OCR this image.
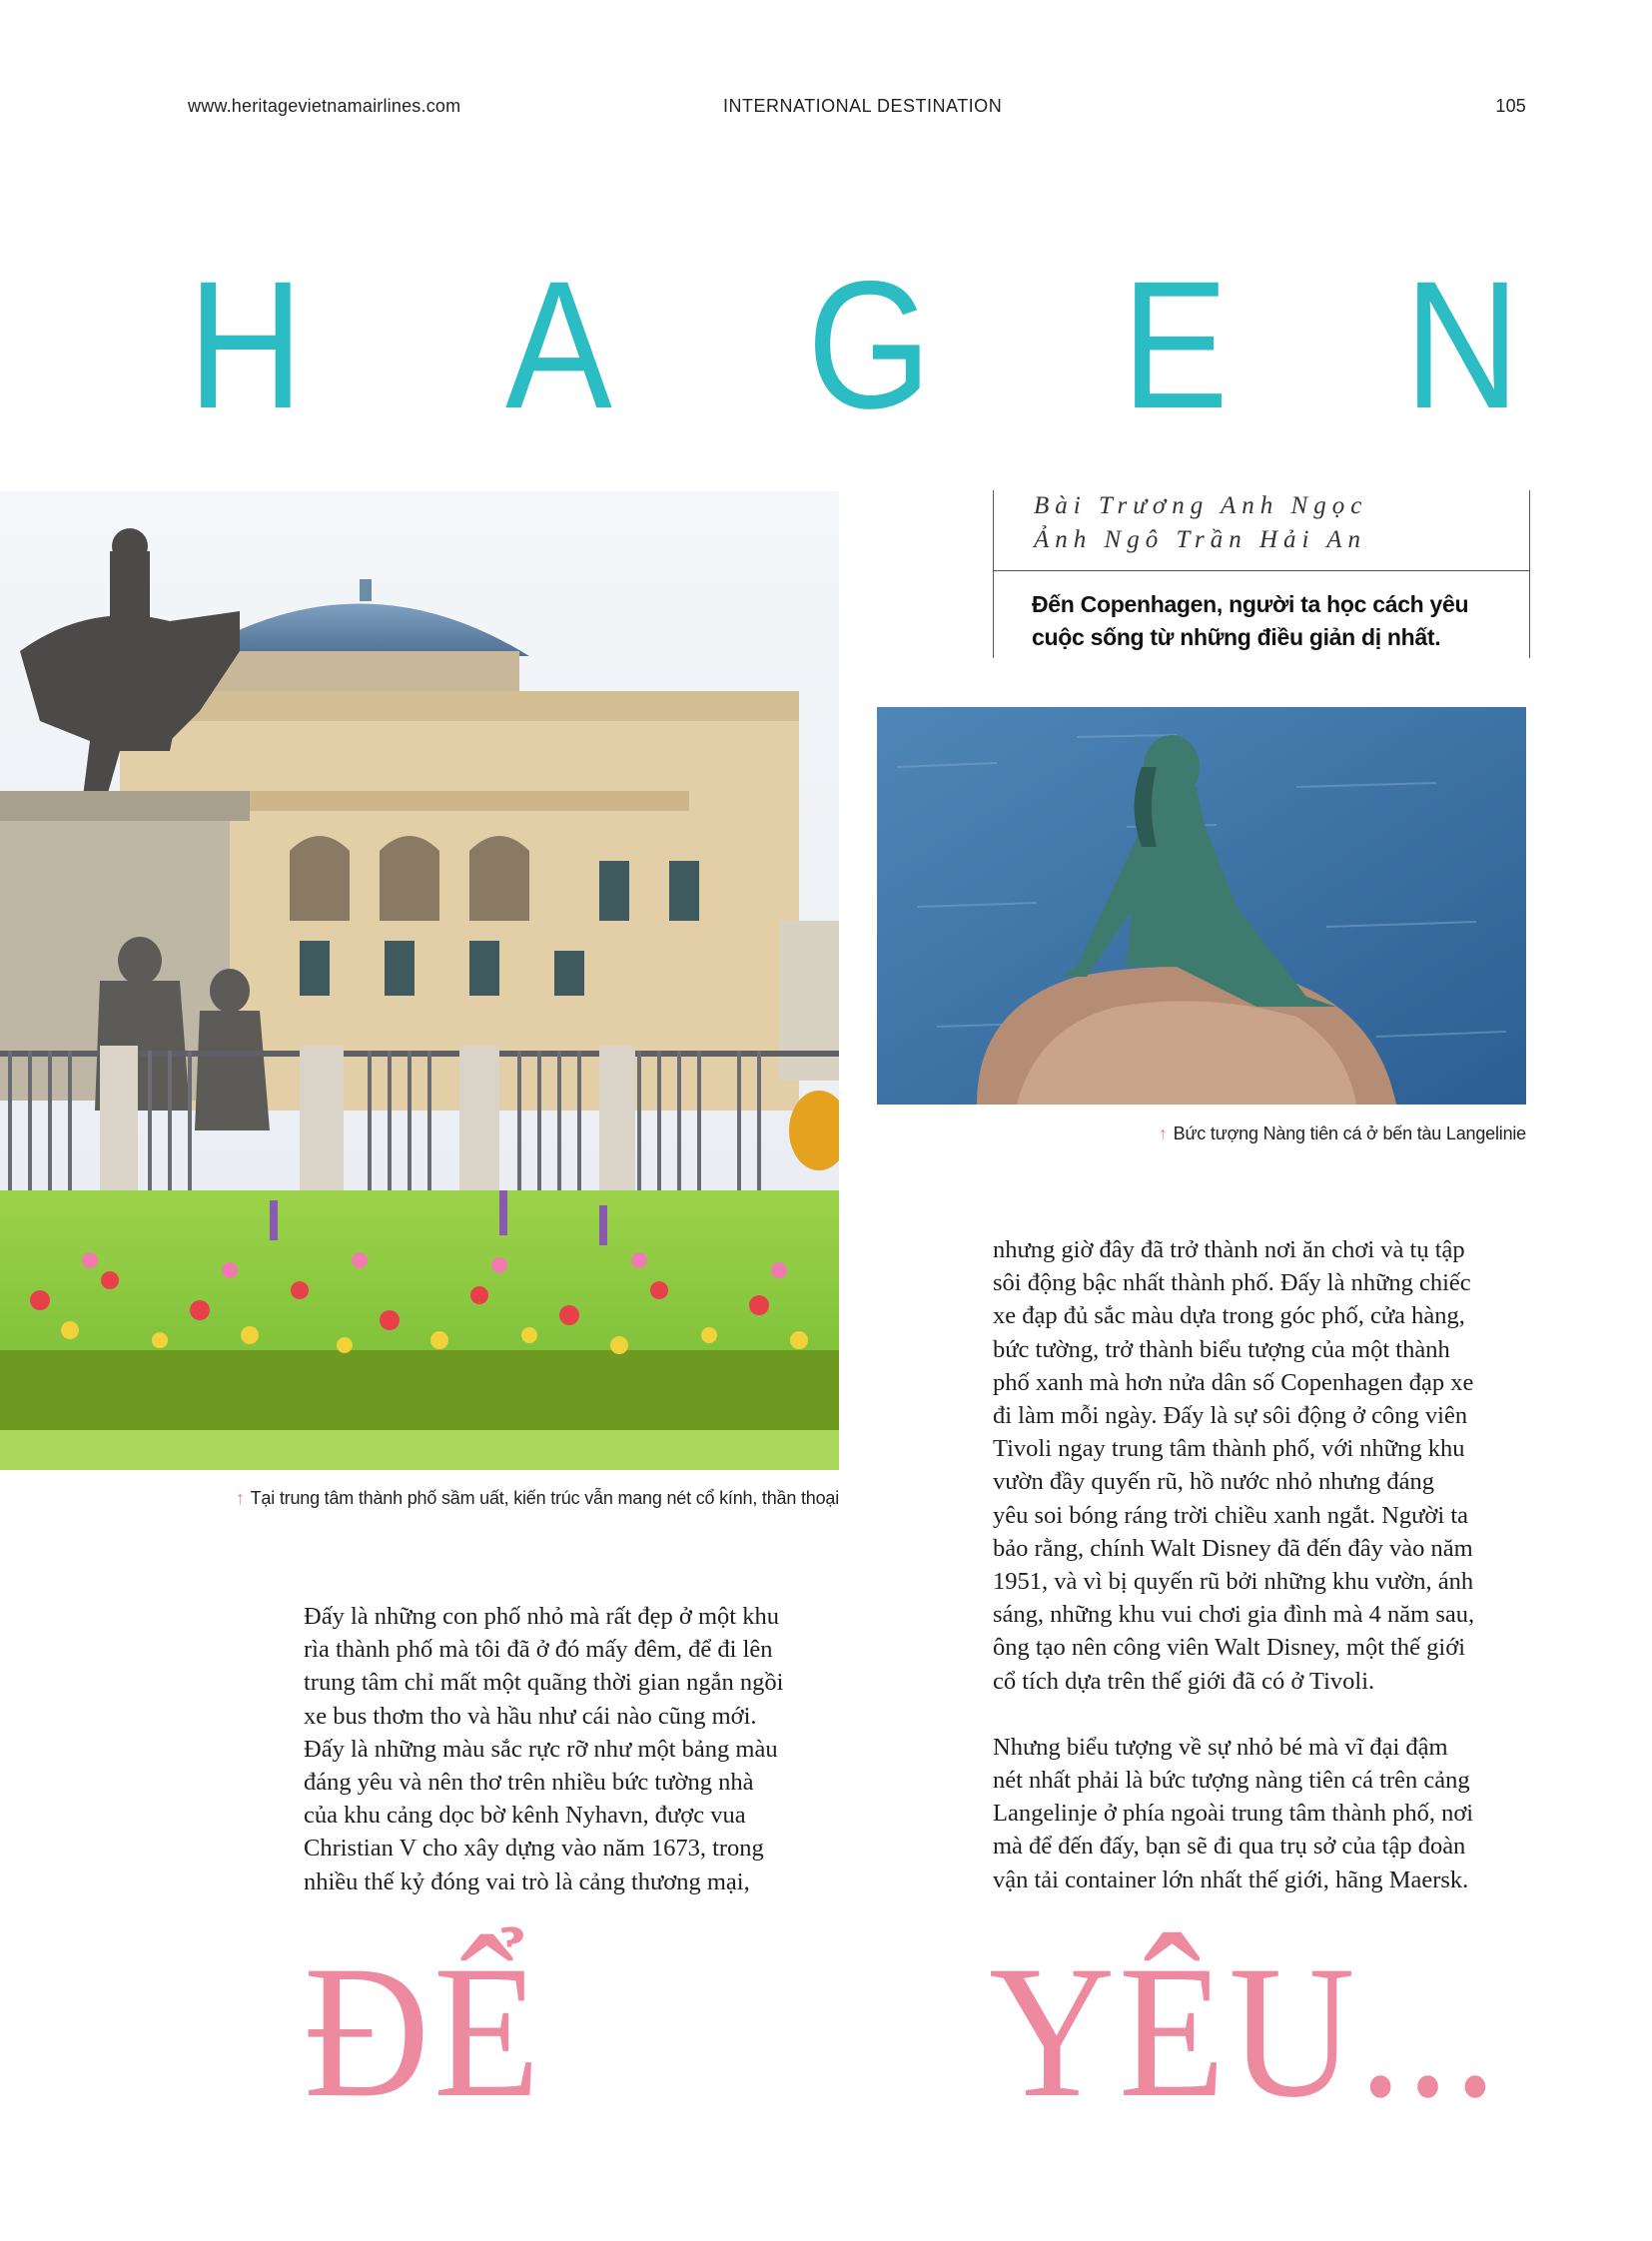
www.heritagevietnamairlines.com	INTERNATIONAL DESTINATION	105
H A G E N
Bài Trương Anh Ngọc
Ảnh Ngô Trần Hải An
Đến Copenhagen, người ta học cách yêu cuộc sống từ những điều giản dị nhất.
↑ Tại trung tâm thành phố sầm uất, kiến trúc vẫn mang nét cổ kính, thần thoại
↑ Bức tượng Nàng tiên cá ở bến tàu Langelinie

Đấy là những con phố nhỏ mà rất đẹp ở một khu

rìa thành phố mà tôi đã ở đó mấy đêm, để đi lên

trung tâm chỉ mất một quãng thời gian ngắn ngồi

xe bus thơm tho và hầu như cái nào cũng mới.

Đấy là những màu sắc rực rỡ như một bảng màu

đáng yêu và nên thơ trên nhiều bức tường nhà

của khu cảng dọc bờ kênh Nyhavn, được vua

Christian V cho xây dựng vào năm 1673, trong

nhiều thế kỷ đóng vai trò là cảng thương mại,

nhưng giờ đây đã trở thành nơi ăn chơi và tụ tập

sôi động bậc nhất thành phố. Đấy là những chiếc

xe đạp đủ sắc màu dựa trong góc phố, cửa hàng,

bức tường, trở thành biểu tượng của một thành

phố xanh mà hơn nửa dân số Copenhagen đạp xe

đi làm mỗi ngày. Đấy là sự sôi động ở công viên

Tivoli ngay trung tâm thành phố, với những khu

vườn đầy quyến rũ, hồ nước nhỏ nhưng đáng

yêu soi bóng ráng trời chiều xanh ngắt. Người ta

bảo rằng, chính Walt Disney đã đến đây vào năm

1951, và vì bị quyến rũ bởi những khu vườn, ánh

sáng, những khu vui chơi gia đình mà 4 năm sau,

ông tạo nên công viên Walt Disney, một thế giới

cổ tích dựa trên thế giới đã có ở Tivoli.

Nhưng biểu tượng về sự nhỏ bé mà vĩ đại đậm

nét nhất phải là bức tượng nàng tiên cá trên cảng

Langelinje ở phía ngoài trung tâm thành phố, nơi

mà để đến đấy, bạn sẽ đi qua trụ sở của tập đoàn

vận tải container lớn nhất thế giới, hãng Maersk.

ĐỂ YÊU...
